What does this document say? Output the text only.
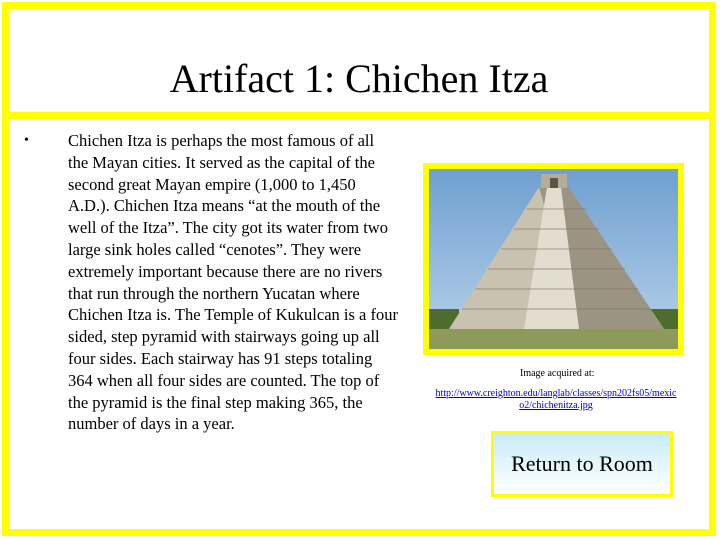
Artifact 1: Chichen Itza
• Chichen Itza is perhaps the most famous of all the Mayan cities. It served as the capital of the second great Mayan empire (1,000 to 1,450 A.D.). Chichen Itza means “at the mouth of the well of the Itza”. The city got its water from two large sink holes called “cenotes”. They were extremely important because there are no rivers that run through the northern Yucatan where Chichen Itza is. The Temple of Kukulcan is a four sided, step pyramid with stairways going up all four sides. Each stairway has 91 steps totaling 364 when all four sides are counted. The top of the pyramid is the final step making 365, the number of days in a year.
Image acquired at:
http://www.creighton.edu/langlab/classes/spn202fs05/mexic o2/chichenitza.jpg
Return to Room
